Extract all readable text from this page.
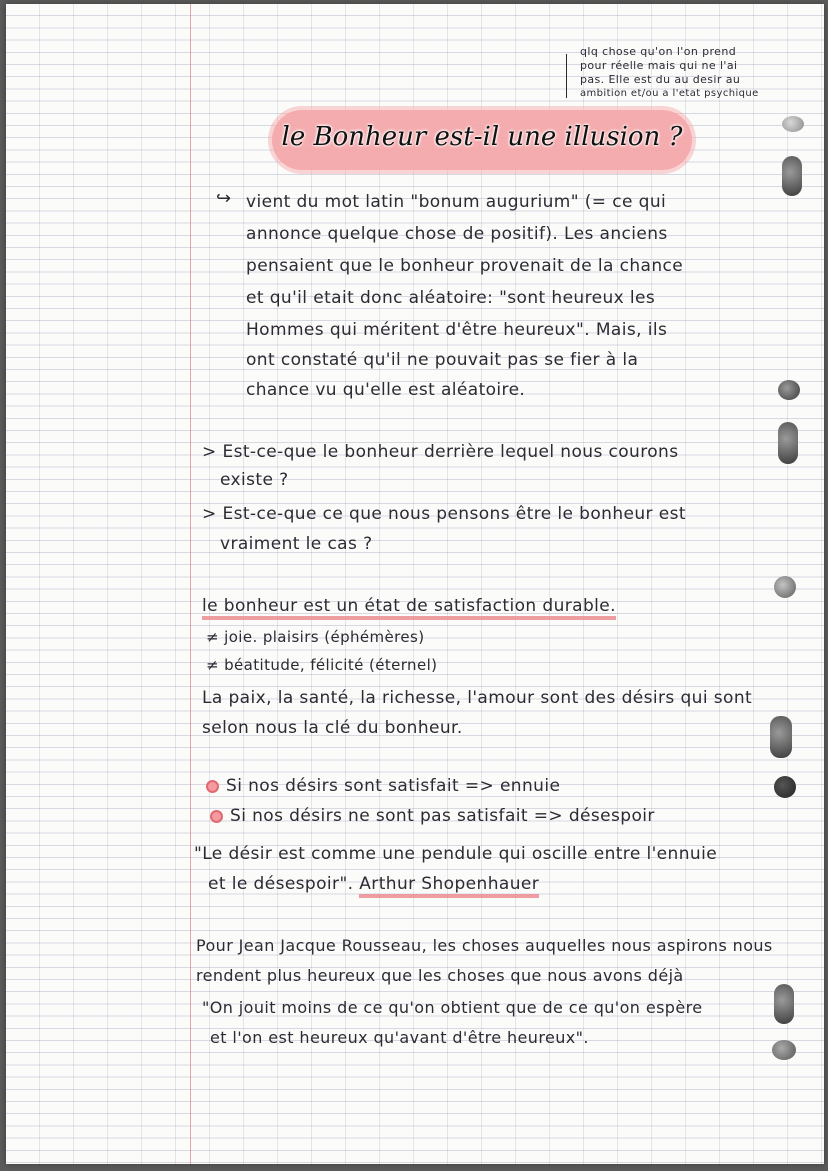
qlq chose qu'on l'on prend
pour réelle mais qui ne l'ai
pas. Elle est du au desir au
ambition et/ou a l'etat psychique
le Bonheur est-il une illusion ?
↪ vient du mot latin "bonum augurium" (= ce qui
annonce quelque chose de positif). Les anciens
pensaient que le bonheur provenait de la chance
et qu'il etait donc aléatoire: "sont heureux les
Hommes qui méritent d'être heureux". Mais, ils
ont constaté qu'il ne pouvait pas se fier à la
chance vu qu'elle est aléatoire.
> Est-ce-que le bonheur derrière lequel nous courons
existe ?
> Est-ce-que ce que nous pensons être le bonheur est
vraiment le cas ?
le bonheur est un état de satisfaction durable.
≠ joie. plaisirs (éphémères)
≠ béatitude, félicité (éternel)
La paix, la santé, la richesse, l'amour sont des désirs qui sont
selon nous la clé du bonheur.
Si nos désirs sont satisfait => ennuie
Si nos désirs ne sont pas satisfait => désespoir
"Le désir est comme une pendule qui oscille entre l'ennuie
et le désespoir". Arthur Shopenhauer
Pour Jean Jacque Rousseau, les choses auquelles nous aspirons nous
rendent plus heureux que les choses que nous avons déjà
"On jouit moins de ce qu'on obtient que de ce qu'on espère
et l'on est heureux qu'avant d'être heureux".
